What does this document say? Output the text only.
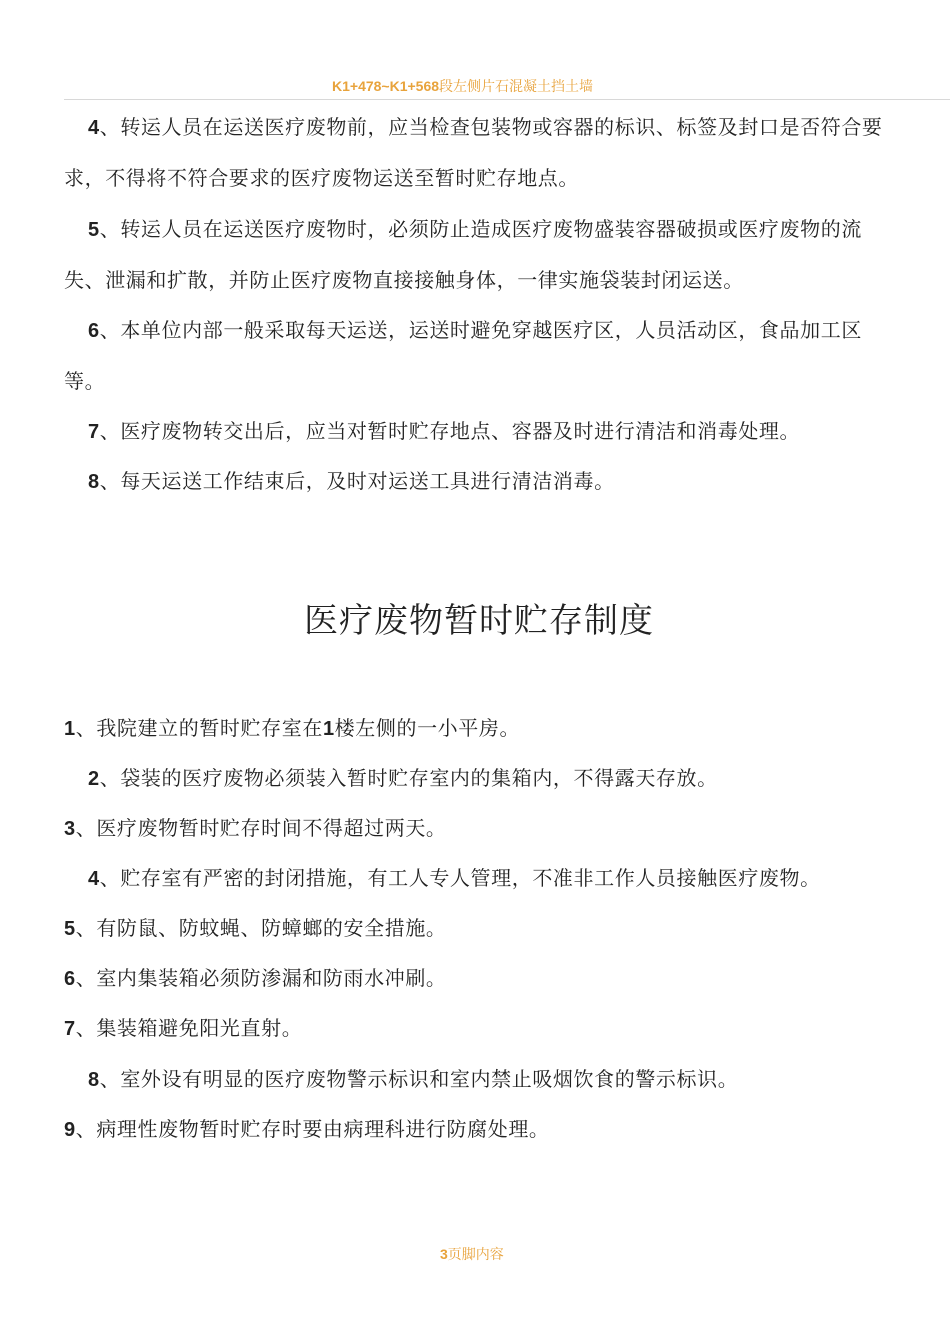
K1+478~K1+568段左侧片石混凝土挡土墙

4、转运人员在运送医疗废物前，应当检查包装物或容器的标识、标签及封口是否符合要求，不得将不符合要求的医疗废物运送至暂时贮存地点。

5、转运人员在运送医疗废物时，必须防止造成医疗废物盛装容器破损或医疗废物的流失、泄漏和扩散，并防止医疗废物直接接触身体，一律实施袋装封闭运送。

6、本单位内部一般采取每天运送，运送时避免穿越医疗区，人员活动区，食品加工区等。

7、医疗废物转交出后，应当对暂时贮存地点、容器及时进行清洁和消毒处理。

8、每天运送工作结束后，及时对运送工具进行清洁消毒。

医疗废物暂时贮存制度

1、我院建立的暂时贮存室在1楼左侧的一小平房。

2、袋装的医疗废物必须装入暂时贮存室内的集箱内，不得露天存放。

3、医疗废物暂时贮存时间不得超过两天。

4、贮存室有严密的封闭措施，有工人专人管理，不准非工作人员接触医疗废物。

5、有防鼠、防蚊蝇、防蟑螂的安全措施。

6、室内集装箱必须防渗漏和防雨水冲刷。

7、集装箱避免阳光直射。

8、室外设有明显的医疗废物警示标识和室内禁止吸烟饮食的警示标识。

9、病理性废物暂时贮存时要由病理科进行防腐处理。

3页脚内容
